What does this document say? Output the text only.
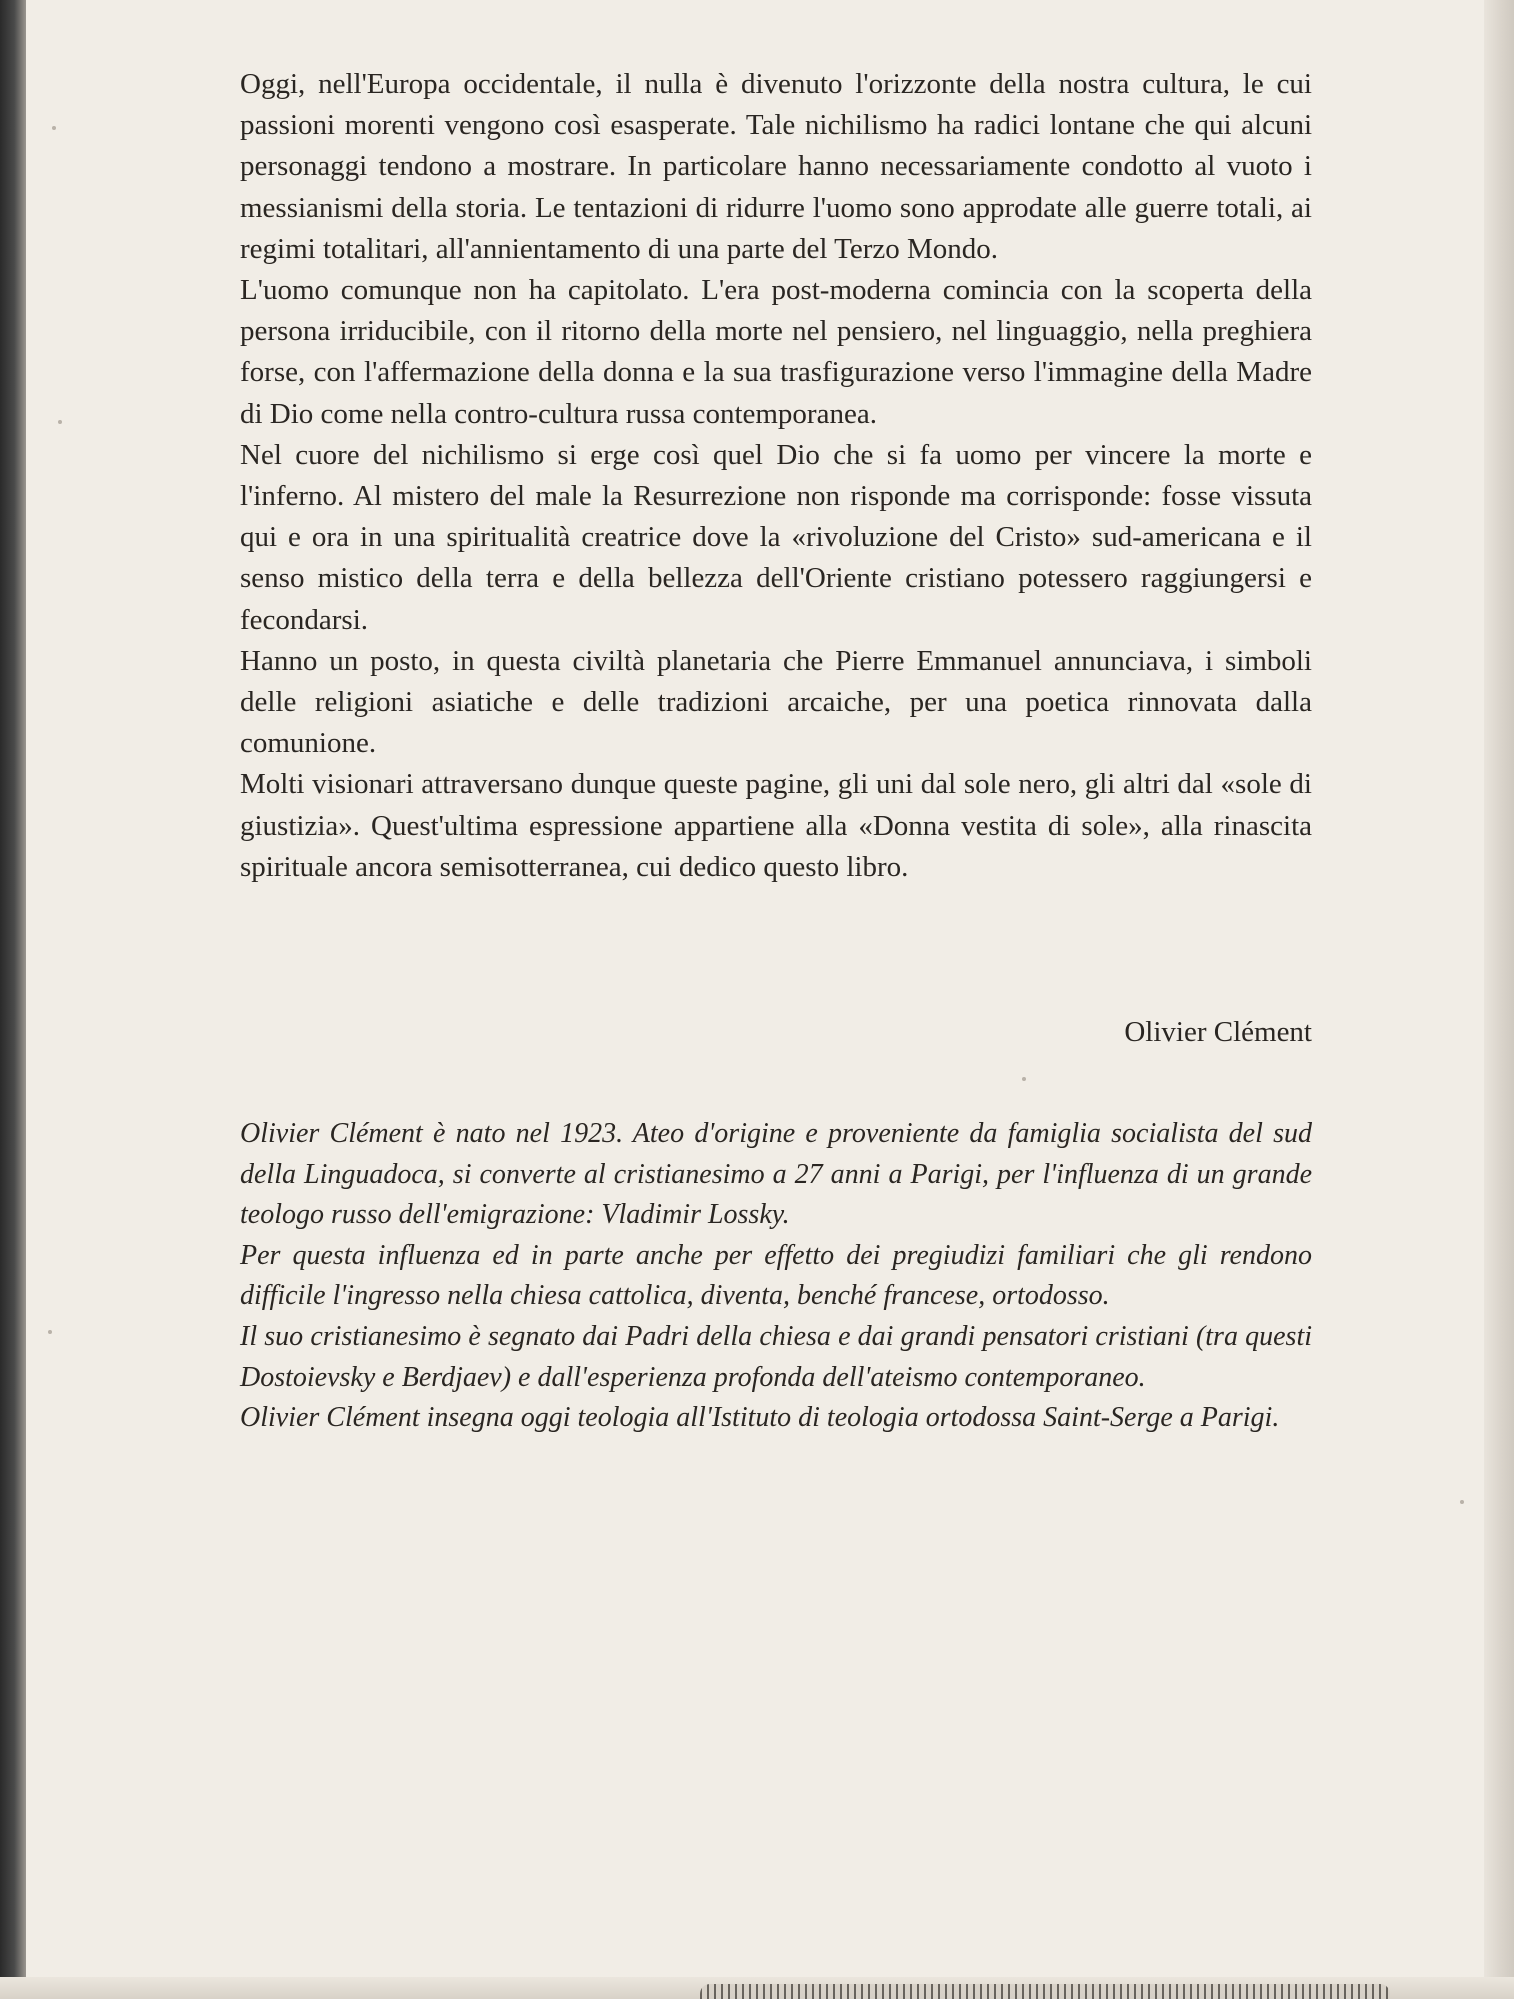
Oggi, nell'Europa occidentale, il nulla è divenuto l'orizzonte della nostra cultura, le cui passioni morenti vengono così esasperate. Tale nichilismo ha radici lontane che qui alcuni personaggi tendono a mostrare. In particolare hanno necessariamente condotto al vuoto i messianismi della storia. Le tentazioni di ridurre l'uomo sono approdate alle guerre totali, ai regimi totalitari, all'annientamento di una parte del Terzo Mondo.

L'uomo comunque non ha capitolato. L'era post-moderna comincia con la scoperta della persona irriducibile, con il ritorno della morte nel pensiero, nel linguaggio, nella preghiera forse, con l'affermazione della donna e la sua trasfigurazione verso l'immagine della Madre di Dio come nella contro-cultura russa contemporanea.

Nel cuore del nichilismo si erge così quel Dio che si fa uomo per vincere la morte e l'inferno. Al mistero del male la Resurrezione non risponde ma corrisponde: fosse vissuta qui e ora in una spiritualità creatrice dove la «rivoluzione del Cristo» sud-americana e il senso mistico della terra e della bellezza dell'Oriente cristiano potessero raggiungersi e fecondarsi.

Hanno un posto, in questa civiltà planetaria che Pierre Emmanuel annunciava, i simboli delle religioni asiatiche e delle tradizioni arcaiche, per una poetica rinnovata dalla comunione.

Molti visionari attraversano dunque queste pagine, gli uni dal sole nero, gli altri dal «sole di giustizia». Quest'ultima espressione appartiene alla «Donna vestita di sole», alla rinascita spirituale ancora semisotterranea, cui dedico questo libro.

Olivier Clément

Olivier Clément è nato nel 1923. Ateo d'origine e proveniente da famiglia socialista del sud della Linguadoca, si converte al cristianesimo a 27 anni a Parigi, per l'influenza di un grande teologo russo dell'emigrazione: Vladimir Lossky.

Per questa influenza ed in parte anche per effetto dei pregiudizi familiari che gli rendono difficile l'ingresso nella chiesa cattolica, diventa, benché francese, ortodosso.

Il suo cristianesimo è segnato dai Padri della chiesa e dai grandi pensatori cristiani (tra questi Dostoievsky e Berdjaev) e dall'esperienza profonda dell'ateismo contemporaneo.

Olivier Clément insegna oggi teologia all'Istituto di teologia ortodossa Saint-Serge a Parigi.
